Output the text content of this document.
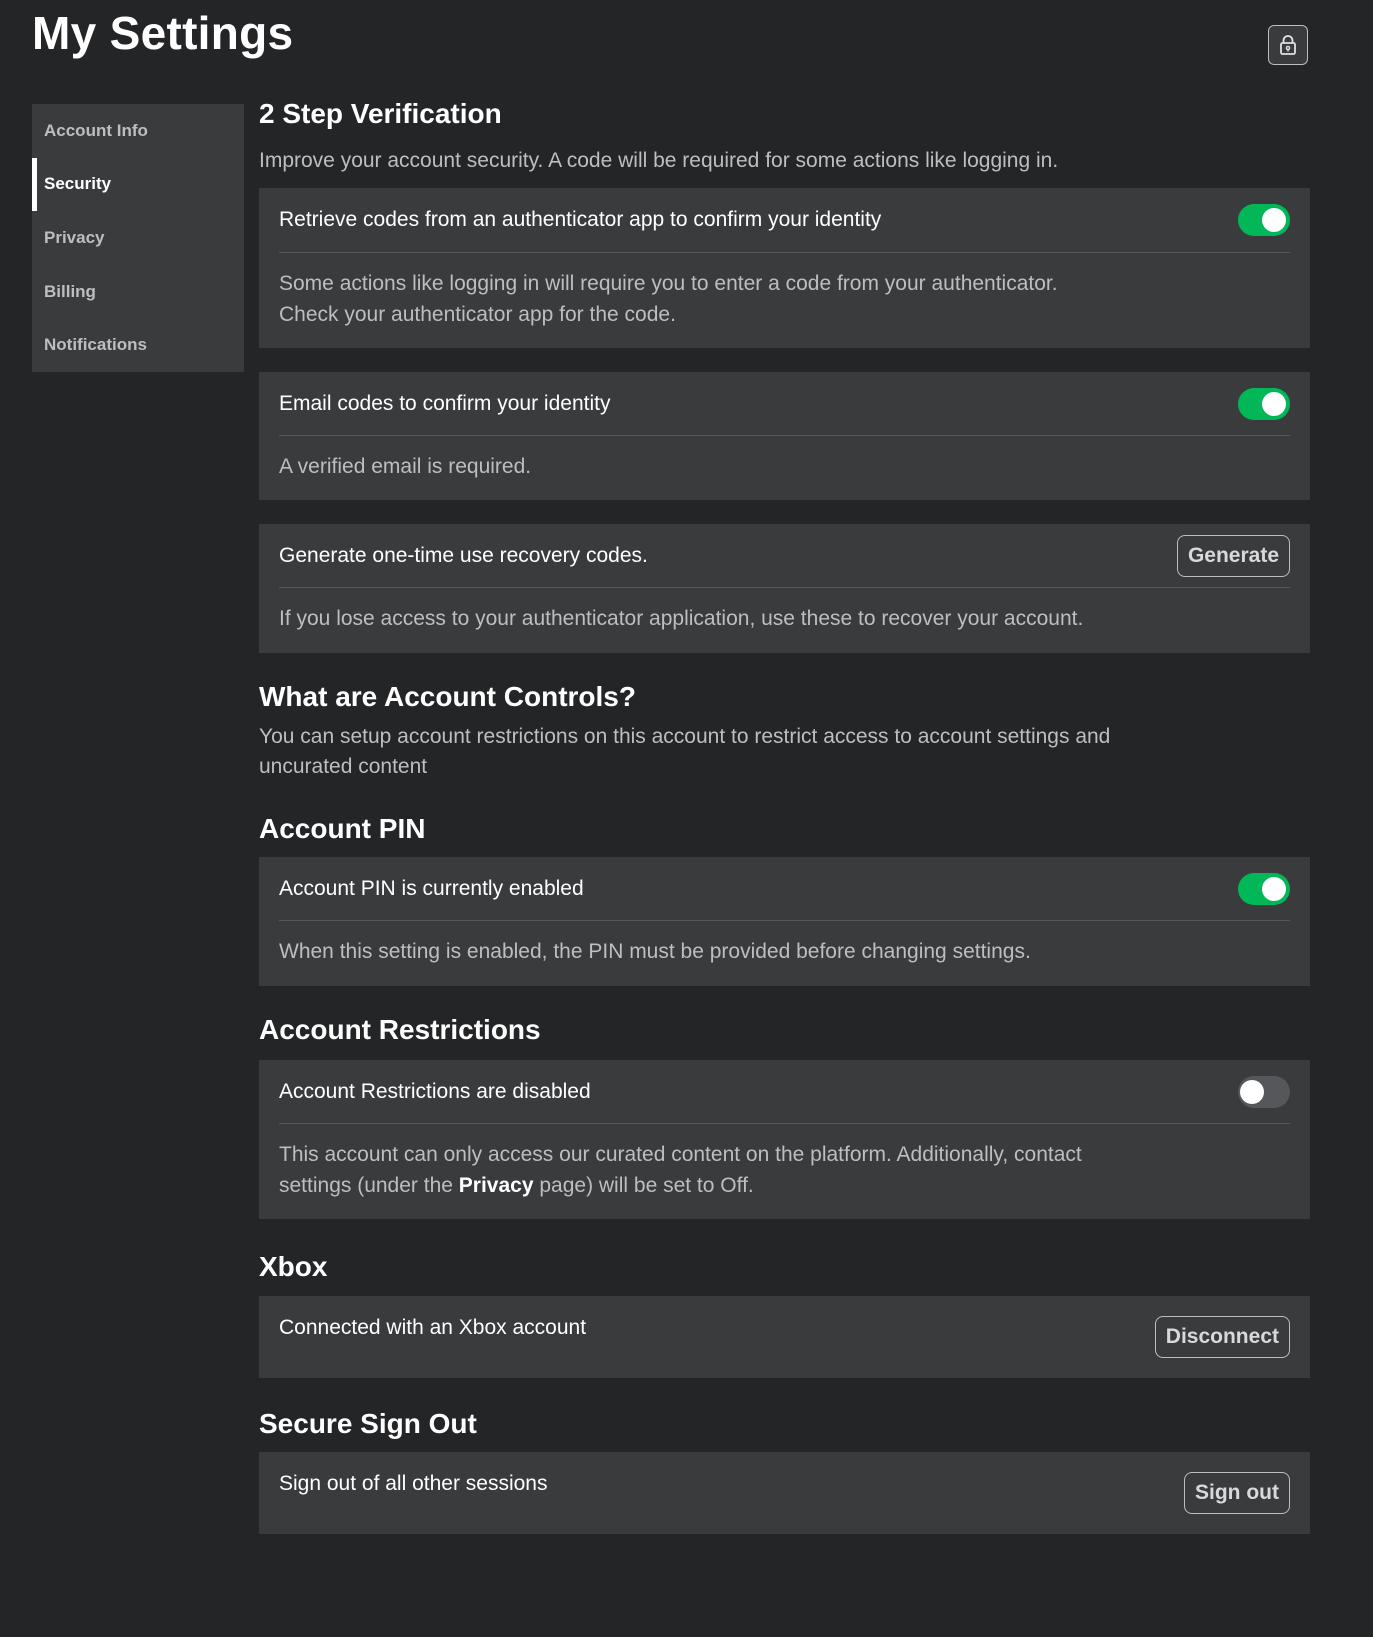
My Settings
Account Info
Security
Privacy
Billing
Notifications
2 Step Verification

Improve your account security. A code will be required for some actions like logging in.

Retrieve codes from an authenticator app to confirm your identity
Some actions like logging in will require you to enter a code from your authenticator.
Check your authenticator app for the code.
Email codes to confirm your identity
A verified email is required.
Generate one-time use recovery codes.	Generate
If you lose access to your authenticator application, use these to recover your account.
What are Account Controls?

You can setup account restrictions on this account to restrict access to account settings and
uncurated content

Account PIN
Account PIN is currently enabled
When this setting is enabled, the PIN must be provided before changing settings.
Account Restrictions
Account Restrictions are disabled
This account can only access our curated content on the platform. Additionally, contact
settings (under the Privacy page) will be set to Off.
Xbox
Connected with an Xbox account	Disconnect
Secure Sign Out
Sign out of all other sessions	Sign out
